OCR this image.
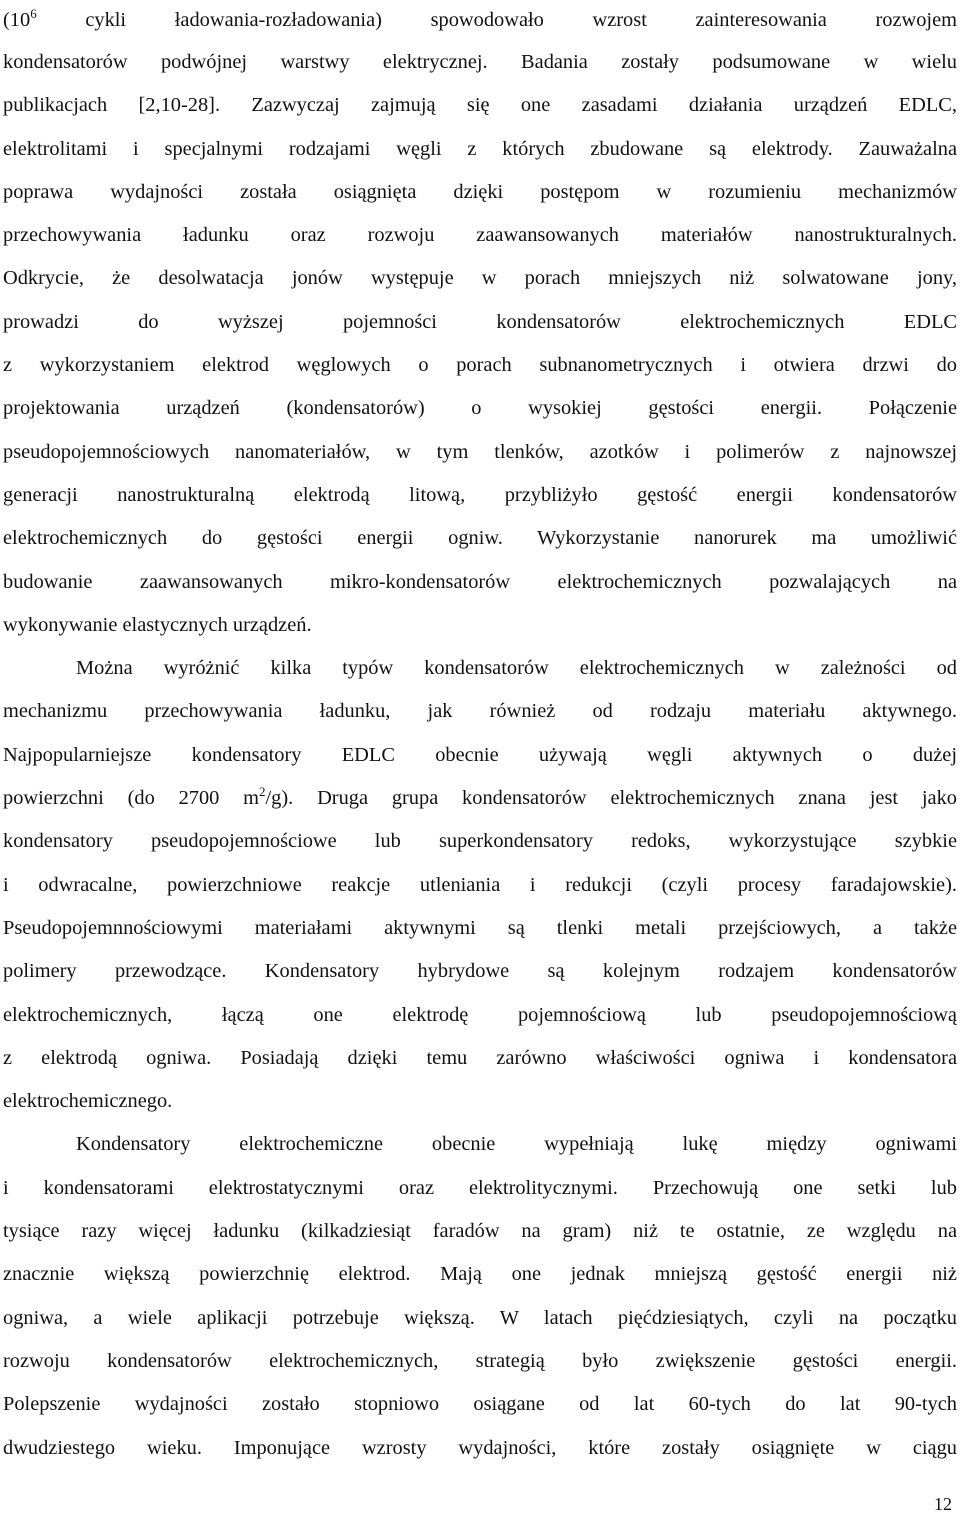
($10^6$ cykli ładowania-rozładowania) spowodowało wzrost zainteresowania rozwojem
kondensatorów podwójnej warstwy elektrycznej. Badania zostały podsumowane w wielu
publikacjach [2,10-28]. Zazwyczaj zajmują się one zasadami działania urządzeń EDLC,
elektrolitami i specjalnymi rodzajami węgli z których zbudowane są elektrody. Zauważalna
poprawa wydajności została osiągnięta dzięki postępom w rozumieniu mechanizmów
przechowywania ładunku oraz rozwoju zaawansowanych materiałów nanostrukturalnych.
Odkrycie, że desolwatacja jonów występuje w porach mniejszych niż solwatowane jony,
prowadzi do wyższej pojemności kondensatorów elektrochemicznych EDLC
z wykorzystaniem elektrod węglowych o porach subnanometrycznych i otwiera drzwi do
projektowania urządzeń (kondensatorów) o wysokiej gęstości energii. Połączenie
pseudopojemnościowych nanomateriałów, w tym tlenków, azotków i polimerów z najnowszej
generacji nanostrukturalną elektrodą litową, przybliżyło gęstość energii kondensatorów
elektrochemicznych do gęstości energii ogniw. Wykorzystanie nanorurek ma umożliwić
budowanie zaawansowanych mikro-kondensatorów elektrochemicznych pozwalających na
wykonywanie elastycznych urządzeń.
Można wyróżnić kilka typów kondensatorów elektrochemicznych w zależności od
mechanizmu przechowywania ładunku, jak również od rodzaju materiału aktywnego.
Najpopularniejsze kondensatory EDLC obecnie używają węgli aktywnych o dużej
powierzchni (do 2700 $m^2/g$). Druga grupa kondensatorów elektrochemicznych znana jest jako
kondensatory pseudopojemnościowe lub superkondensatory redoks, wykorzystujące szybkie
i odwracalne, powierzchniowe reakcje utleniania i redukcji (czyli procesy faradajowskie).
Pseudopojemnnościowymi materiałami aktywnymi są tlenki metali przejściowych, a także
polimery przewodzące. Kondensatory hybrydowe są kolejnym rodzajem kondensatorów
elektrochemicznych, łączą one elektrodę pojemnościową lub pseudopojemnościową
z elektrodą ogniwa. Posiadają dzięki temu zarówno właściwości ogniwa i kondensatora
elektrochemicznego.
Kondensatory elektrochemiczne obecnie wypełniają lukę między ogniwami
i kondensatorami elektrostatycznymi oraz elektrolitycznymi. Przechowują one setki lub
tysiące razy więcej ładunku (kilkadziesiąt faradów na gram) niż te ostatnie, ze względu na
znacznie większą powierzchnię elektrod. Mają one jednak mniejszą gęstość energii niż
ogniwa, a wiele aplikacji potrzebuje większą. W latach pięćdziesiątych, czyli na początku
rozwoju kondensatorów elektrochemicznych, strategią było zwiększenie gęstości energii.
Polepszenie wydajności zostało stopniowo osiągane od lat 60-tych do lat 90-tych
dwudziestego wieku. Imponujące wzrosty wydajności, które zostały osiągnięte w ciągu
12
